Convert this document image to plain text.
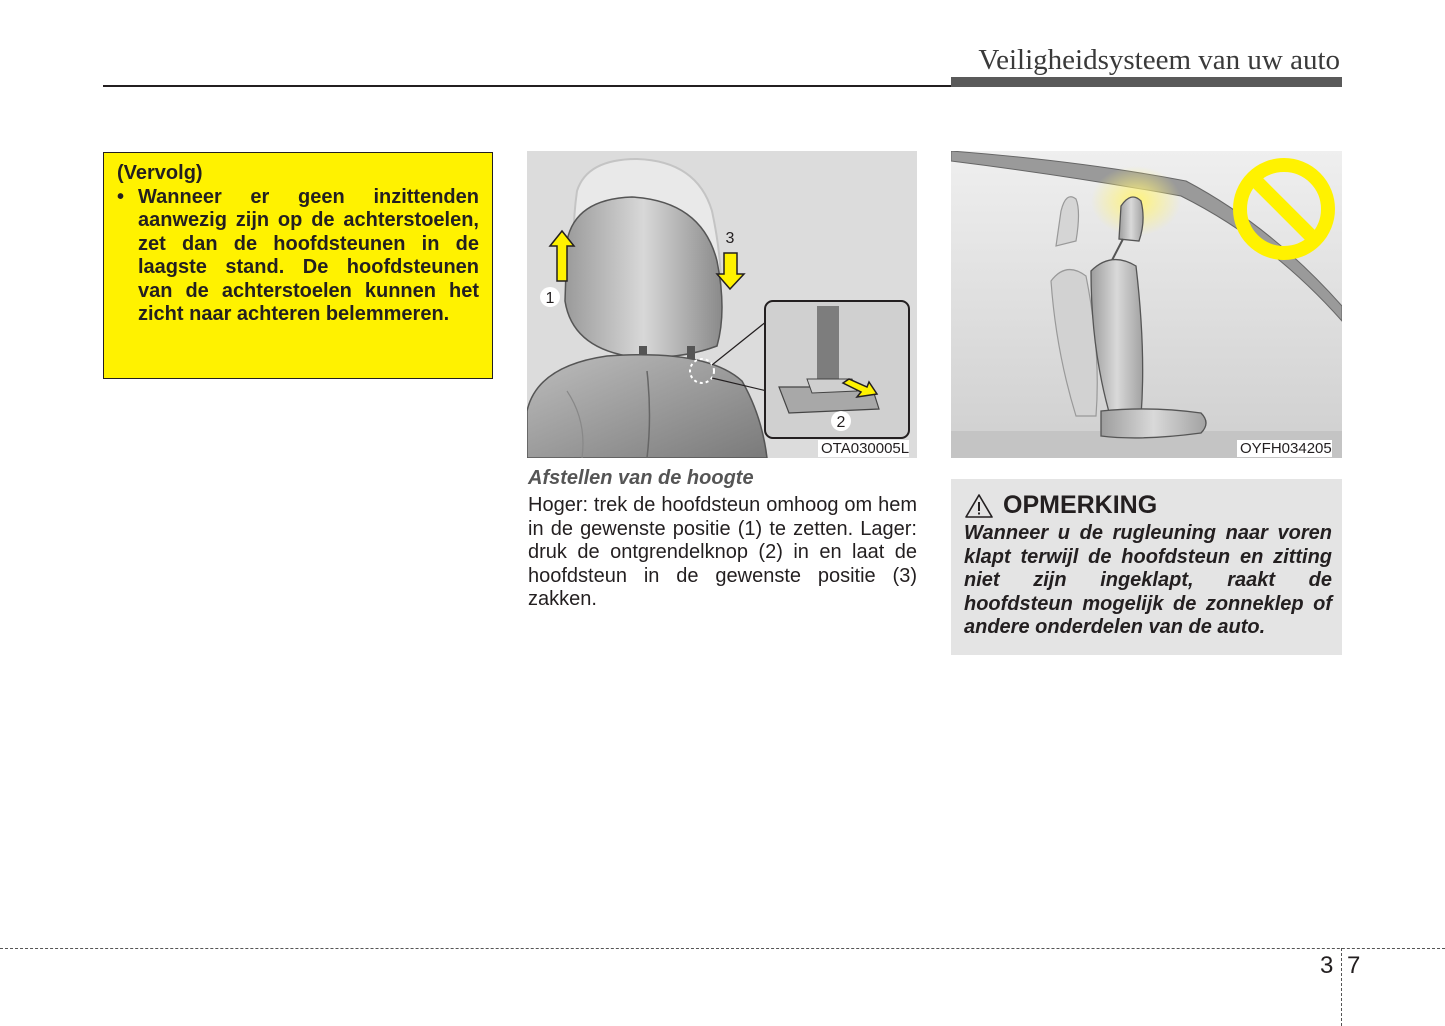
Veiligheidsysteem van uw auto
(Vervolg)
• Wanneer er geen inzittenden aanwezig zijn op de achterstoelen, zet dan de hoofdsteunen in de laagste stand. De hoofdsteunen van de achterstoelen kunnen het zicht naar achteren belemmeren.
1
2
3
OTA030005L	OYFH034205
Afstellen van de hoogte
Hoger: trek de hoofdsteun omhoog om hem in de gewenste positie (1) te zetten. Lager: druk de ontgrendelknop (2) in en laat de hoofdsteun in de gewenste positie (3) zakken.
OPMERKING
Wanneer u de rugleuning naar voren klapt terwijl de hoofdsteun en zitting niet zijn ingeklapt, raakt de hoofdsteun mogelijk de zonneklep of andere onderdelen van de auto.
3 7
